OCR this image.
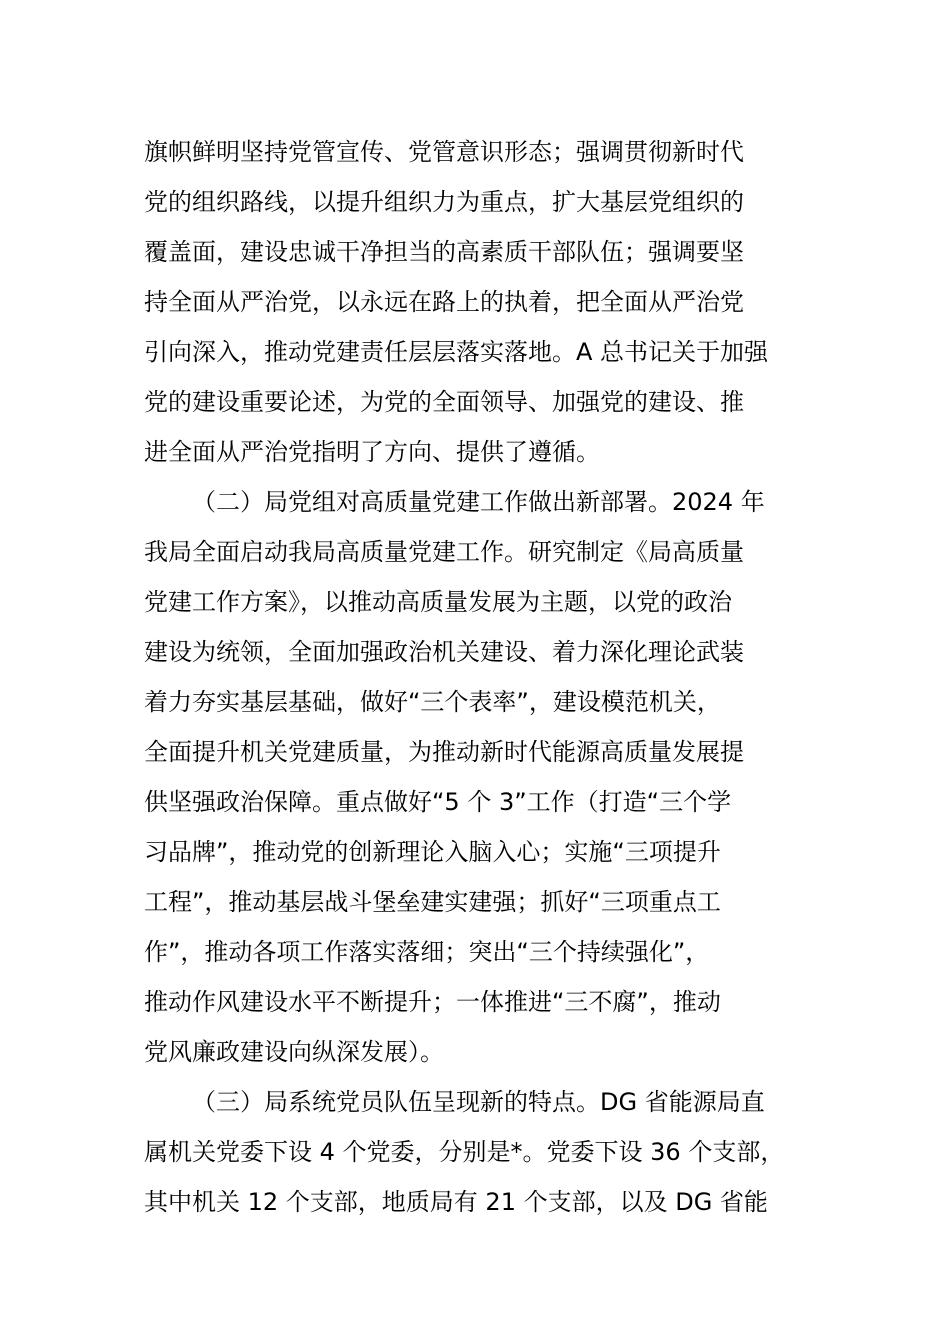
旗帜鲜明坚持党管宣传、党管意识形态；强调贯彻新时代
党的组织路线，以提升组织力为重点，扩大基层党组织的
覆盖面，建设忠诚干净担当的高素质干部队伍；强调要坚
持全面从严治党，以永远在路上的执着，把全面从严治党
引向深入，推动党建责任层层落实落地。A 总书记关于加强
党的建设重要论述，为党的全面领导、加强党的建设、推
进全面从严治党指明了方向、提供了遵循。
（二）局党组对高质量党建工作做出新部署。2024 年
我局全面启动我局高质量党建工作。研究制定《局高质量
党建工作方案》，以推动高质量发展为主题，以党的政治
建设为统领，全面加强政治机关建设、着力深化理论武装
着力夯实基层基础，做好“三个表率”，建设模范机关，
全面提升机关党建质量，为推动新时代能源高质量发展提
供坚强政治保障。重点做好“5 个 3”工作（打造“三个学
习品牌”，推动党的创新理论入脑入心；实施“三项提升
工程”，推动基层战斗堡垒建实建强；抓好“三项重点工
作”，推动各项工作落实落细；突出“三个持续强化”，
推动作风建设水平不断提升；一体推进“三不腐”，推动
党风廉政建设向纵深发展）。
（三）局系统党员队伍呈现新的特点。DG 省能源局直
属机关党委下设 4 个党委，分别是*。党委下设 36 个支部，
其中机关 12 个支部，地质局有 21 个支部，以及 DG 省能
